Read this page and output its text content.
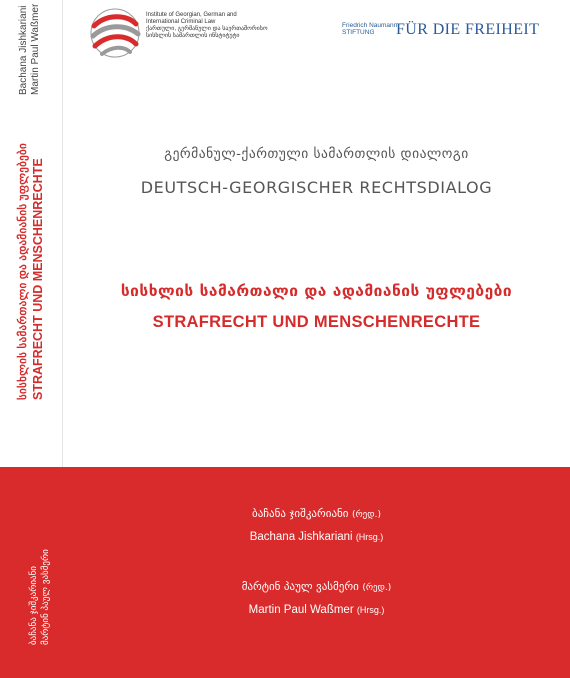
Bachana Jishkariani Martin Paul Waßmer
სისხლის სამართალი და ადამიანის უფლებები STRAFRECHT UND MENSCHENRECHTE
Institute of Georgian, German and
International Criminal Law
ქართული, გერმანული და საერთაშორისო
სისხლის სამართლის ინსტიტუტი
Friedrich Naumann
STIFTUNG	FÜR DIE FREIHEIT
გერმანულ-ქართული სამართლის დიალოგი
DEUTSCH-GEORGISCHER RECHTSDIALOG
სისხლის სამართალი და ადამიანის უფლებები
STRAFRECHT UND MENSCHENRECHTE
ბაჩანა ჯიშკარიანი მარტინ პაულ ვასმერი
ბაჩანა ჯიშკარიანი (რედ.)
Bachana Jishkariani (Hrsg.)
მარტინ პაულ ვასმერი (რედ.)
Martin Paul Waßmer (Hrsg.)
